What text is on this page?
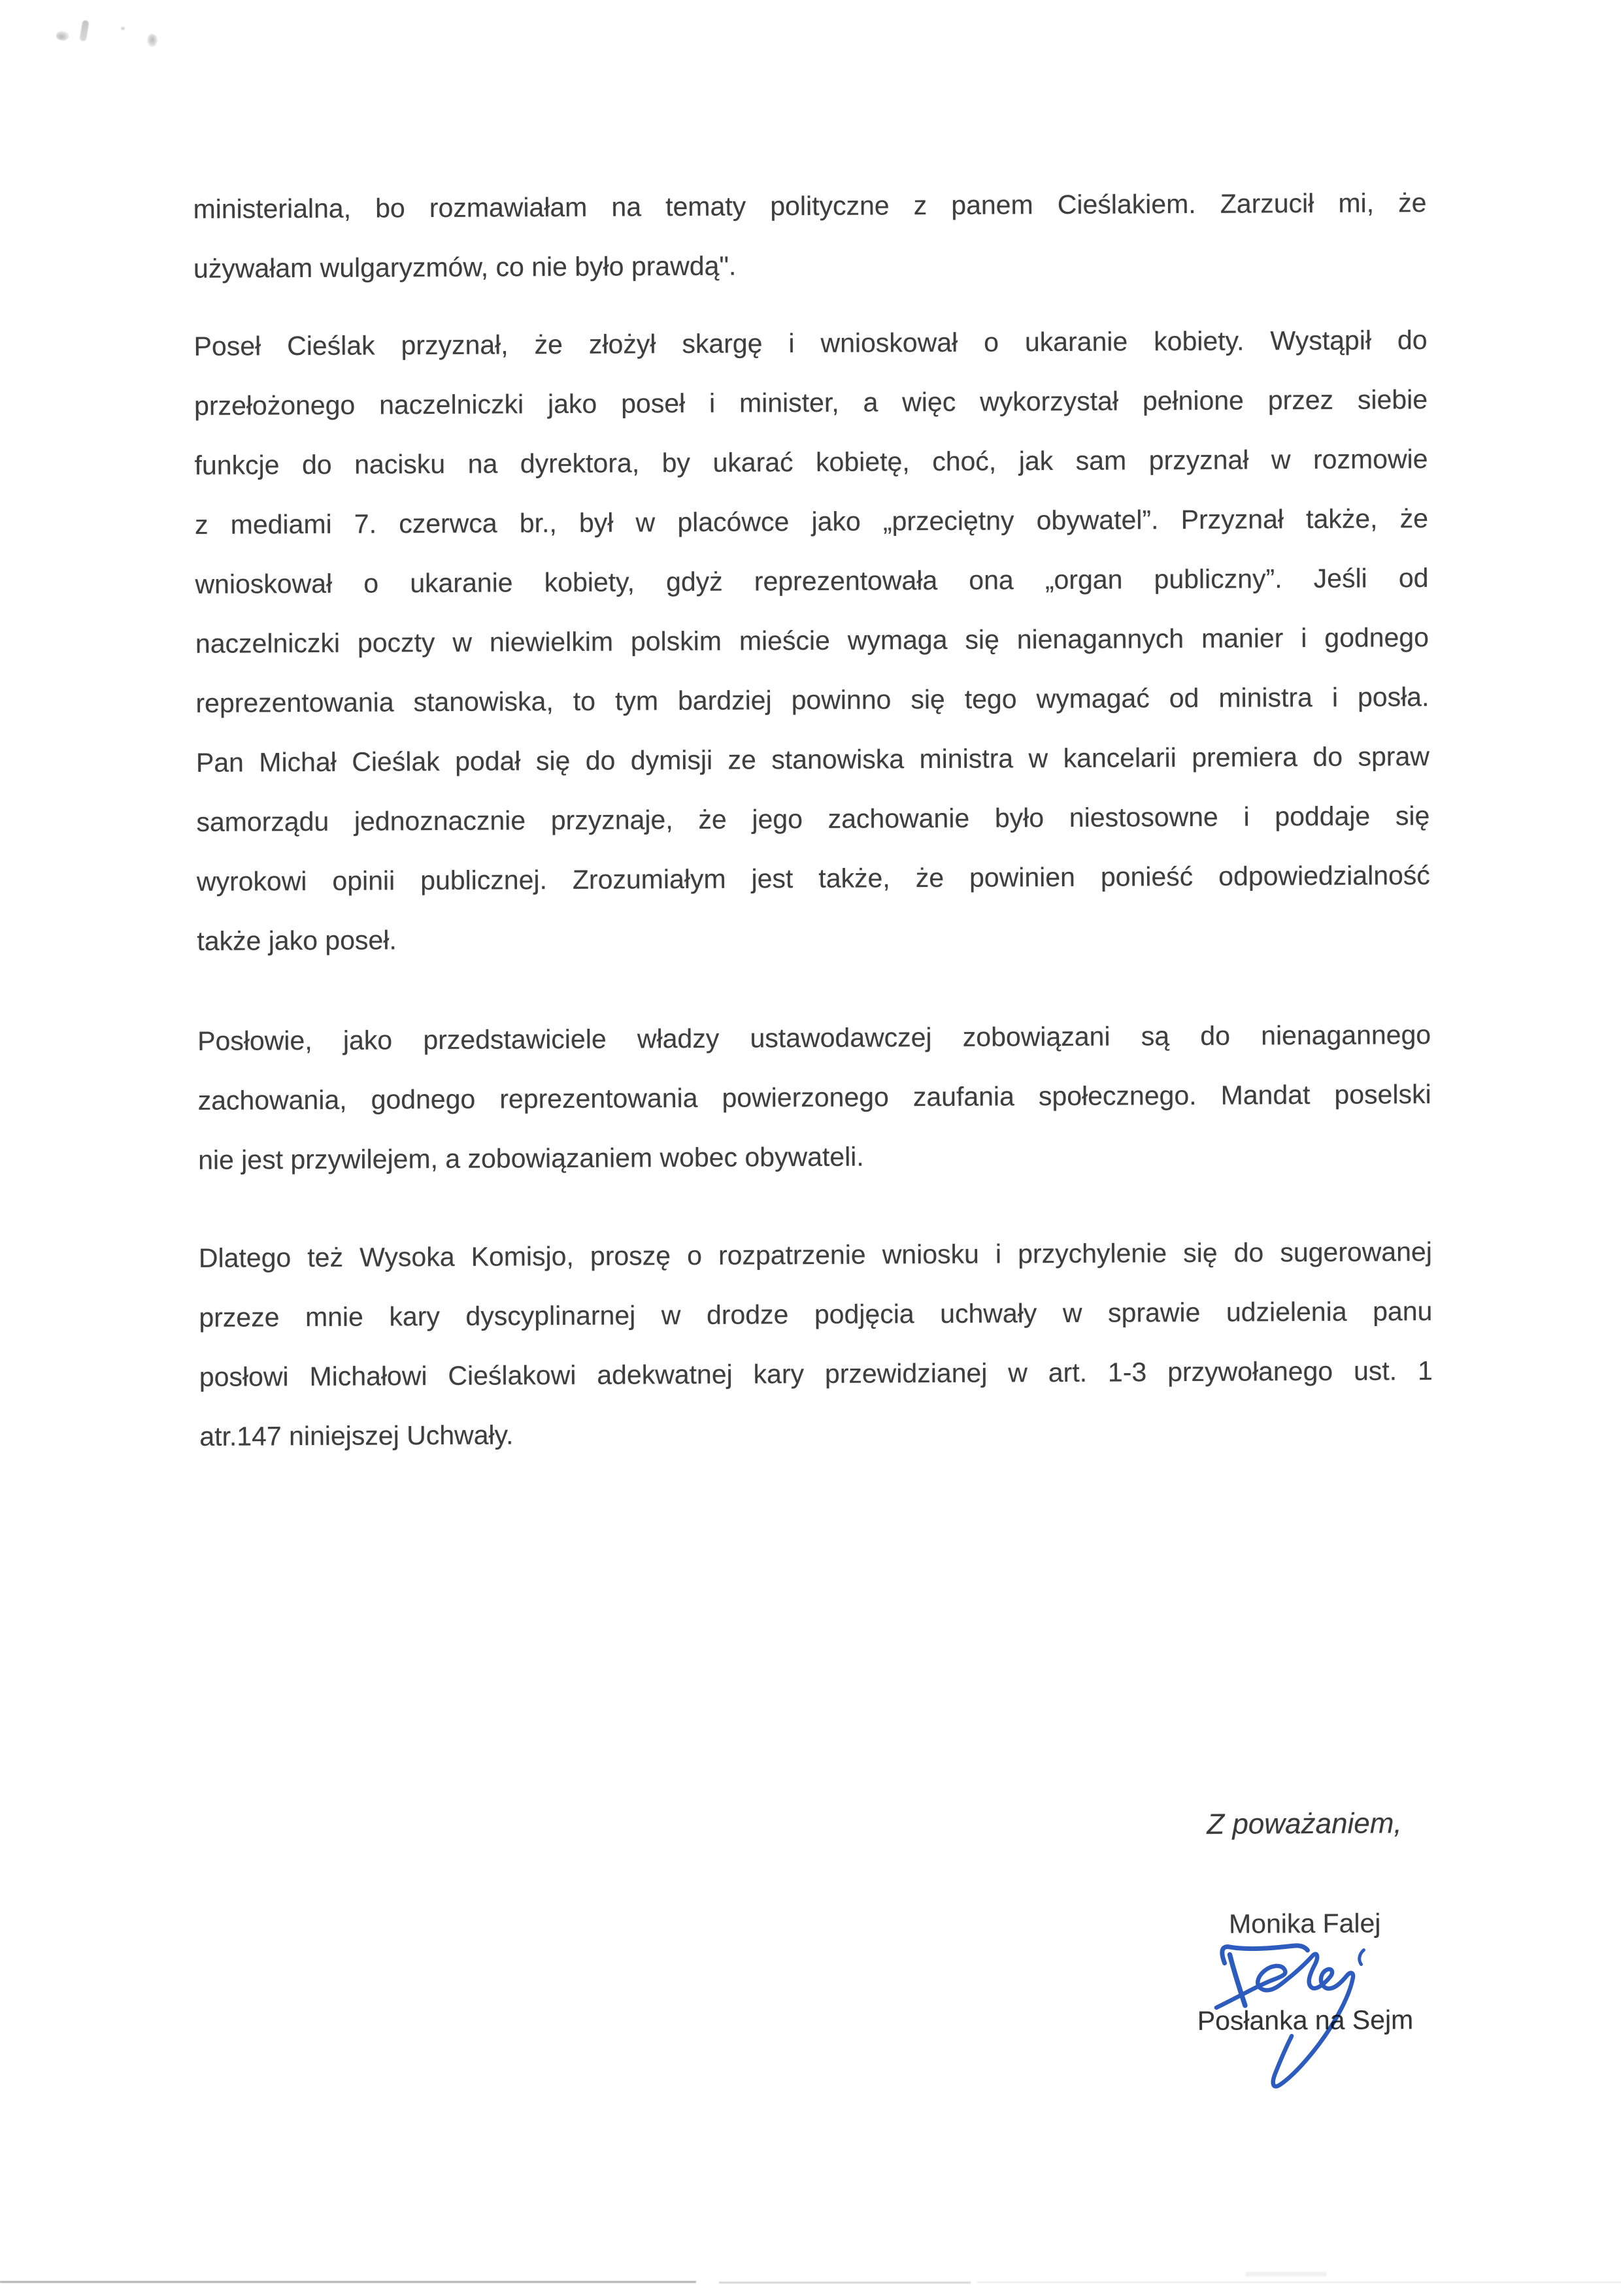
ministerialna, bo rozmawiałam na tematy polityczne z panem Cieślakiem. Zarzucił mi, że
używałam wulgaryzmów, co nie było prawdą".
Poseł Cieślak przyznał, że złożył skargę i wnioskował o ukaranie kobiety. Wystąpił do
przełożonego naczelniczki jako poseł i minister, a więc wykorzystał pełnione przez siebie
funkcje do nacisku na dyrektora, by ukarać kobietę, choć, jak sam przyznał w rozmowie
z mediami 7. czerwca br., był w placówce jako „przeciętny obywatel”. Przyznał także, że
wnioskował o ukaranie kobiety, gdyż reprezentowała ona „organ publiczny”. Jeśli od
naczelniczki poczty w niewielkim polskim mieście wymaga się nienagannych manier i godnego
reprezentowania stanowiska, to tym bardziej powinno się tego wymagać od ministra i posła.
Pan Michał Cieślak podał się do dymisji ze stanowiska ministra w kancelarii premiera do spraw
samorządu jednoznacznie przyznaje, że jego zachowanie było niestosowne i poddaje się
wyrokowi opinii publicznej. Zrozumiałym jest także, że powinien ponieść odpowiedzialność
także jako poseł.
Posłowie, jako przedstawiciele władzy ustawodawczej zobowiązani są do nienagannego
zachowania, godnego reprezentowania powierzonego zaufania społecznego. Mandat poselski
nie jest przywilejem, a zobowiązaniem wobec obywateli.
Dlatego też Wysoka Komisjo, proszę o rozpatrzenie wniosku i przychylenie się do sugerowanej
przeze mnie kary dyscyplinarnej w drodze podjęcia uchwały w sprawie udzielenia panu
posłowi Michałowi Cieślakowi adekwatnej kary przewidzianej w art. 1-3 przywołanego ust. 1
atr.147 niniejszej Uchwały.
Z poważaniem,
Monika Falej
Posłanka na Sejm
